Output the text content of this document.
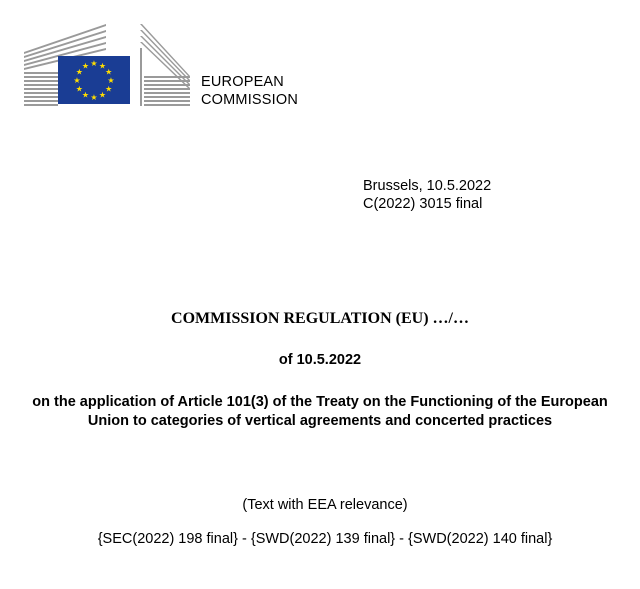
★ ★
★
★
★
★
★
★
★
★
★
★
EUROPEAN
COMMISSION
Brussels, 10.5.2022
C(2022) 3015 final
COMMISSION REGULATION (EU) …/…
of 10.5.2022
on the application of Article 101(3) of the Treaty on the Functioning of the European
Union to categories of vertical agreements and concerted practices
(Text with EEA relevance)
{SEC(2022) 198 final} - {SWD(2022) 139 final} - {SWD(2022) 140 final}
